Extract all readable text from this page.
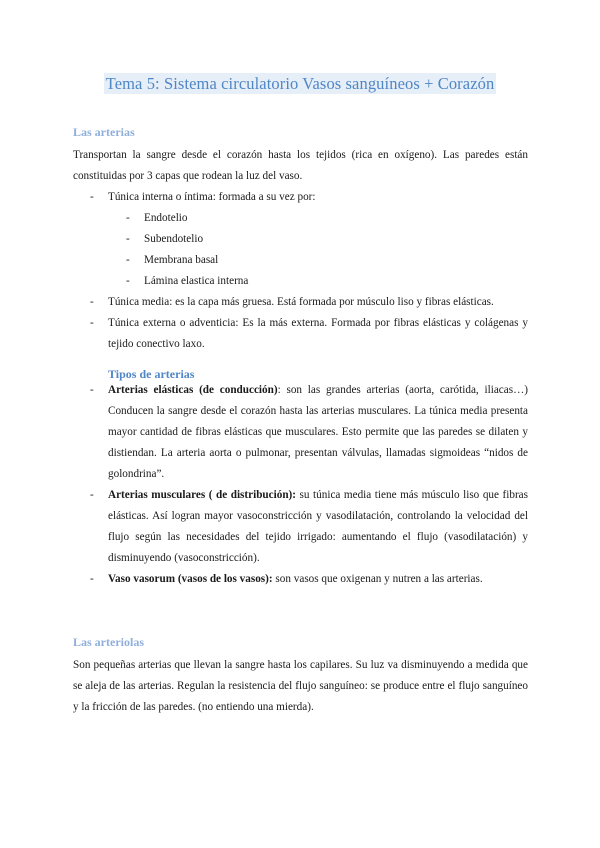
Tema 5: Sistema circulatorio Vasos sanguíneos + Corazón
Las arterias
Transportan la sangre desde el corazón hasta los tejidos (rica en oxígeno). Las paredes están constituidas por 3 capas que rodean la luz del vaso.
-	Túnica interna o íntima: formada a su vez por:
-	Endotelio
-	Subendotelio
-	Membrana basal
-	Lámina elastica interna
-	Túnica media: es la capa más gruesa. Está formada por músculo liso y fibras elásticas.
-	Túnica externa o adventicia: Es la más externa. Formada por fibras elásticas y colágenas y tejido conectivo laxo.
Tipos de arterias
-	Arterias elásticas (de conducción): son las grandes arterias (aorta, carótida, iliacas…) Conducen la sangre desde el corazón hasta las arterias musculares. La túnica media presenta mayor cantidad de fibras elásticas que musculares. Esto permite que las paredes se dilaten y distiendan. La arteria aorta o pulmonar, presentan válvulas, llamadas sigmoideas “nidos de golondrina”.
-	Arterias musculares ( de distribución): su túnica media tiene más músculo liso que fibras elásticas. Así logran mayor vasoconstricción y vasodilatación, controlando la velocidad del flujo según las necesidades del tejido irrigado: aumentando el flujo (vasodilatación) y disminuyendo (vasoconstricción).
-	Vaso vasorum (vasos de los vasos): son vasos que oxigenan y nutren a las arterias.
Las arteriolas
Son pequeñas arterias que llevan la sangre hasta los capilares. Su luz va disminuyendo a medida que se aleja de las arterias. Regulan la resistencia del flujo sanguíneo: se produce entre el flujo sanguíneo y la fricción de las paredes. (no entiendo una mierda).
